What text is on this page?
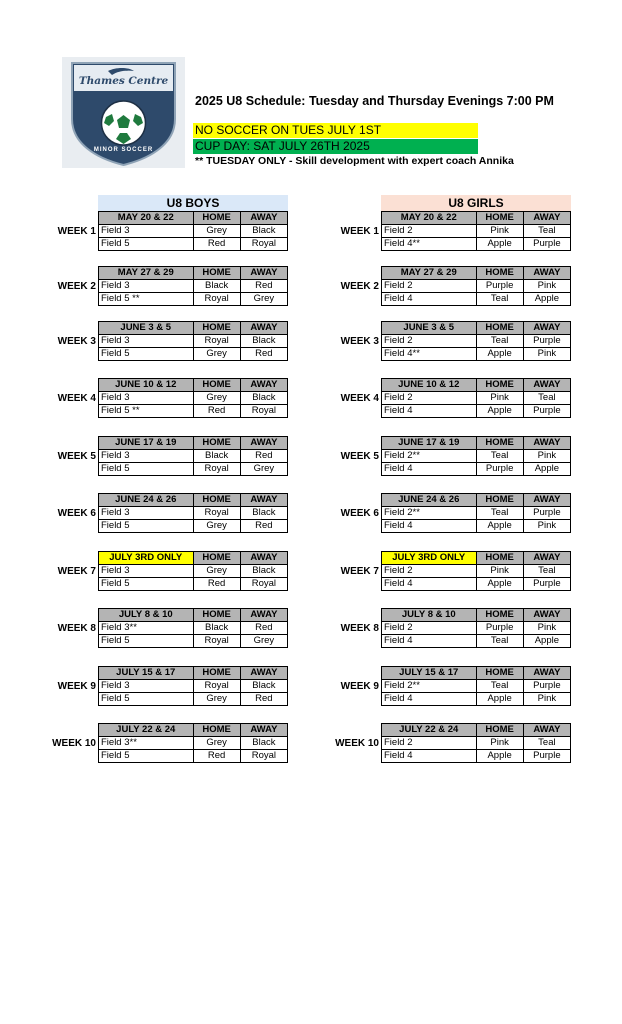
Thames Centre
MINOR SOCCER
2025 U8 Schedule: Tuesday and Thursday Evenings 7:00 PM
NO SOCCER ON TUES JULY 1ST
CUP DAY: SAT JULY 26TH 2025
** TUESDAY ONLY - Skill development with expert coach Annika
U8 BOYS	U8 GIRLS
WEEK 1
MAY 20 & 22	HOME	AWAY
Field 3	Grey	Black
Field 5	Red	Royal
WEEK 2
MAY 27 & 29	HOME	AWAY
Field 3	Black	Red
Field 5 **	Royal	Grey
WEEK 3
JUNE 3 & 5	HOME	AWAY
Field 3	Royal	Black
Field 5	Grey	Red
WEEK 4
JUNE 10 & 12	HOME	AWAY
Field 3	Grey	Black
Field 5 **	Red	Royal
WEEK 5
JUNE 17 & 19	HOME	AWAY
Field 3	Black	Red
Field 5	Royal	Grey
WEEK 6
JUNE 24 & 26	HOME	AWAY
Field 3	Royal	Black
Field 5	Grey	Red
WEEK 7
JULY 3RD ONLY	HOME	AWAY
Field 3	Grey	Black
Field 5	Red	Royal
WEEK 8
JULY 8 & 10	HOME	AWAY
Field 3**	Black	Red
Field 5	Royal	Grey
WEEK 9
JULY 15 & 17	HOME	AWAY
Field 3	Royal	Black
Field 5	Grey	Red
WEEK 10
JULY 22 & 24	HOME	AWAY
Field 3**	Grey	Black
Field 5	Red	Royal
WEEK 1
MAY 20 & 22	HOME	AWAY
Field 2	Pink	Teal
Field 4**	Apple	Purple
WEEK 2
MAY 27 & 29	HOME	AWAY
Field 2	Purple	Pink
Field 4	Teal	Apple
WEEK 3
JUNE 3 & 5	HOME	AWAY
Field 2	Teal	Purple
Field 4**	Apple	Pink
WEEK 4
JUNE 10 & 12	HOME	AWAY
Field 2	Pink	Teal
Field 4	Apple	Purple
WEEK 5
JUNE 17 & 19	HOME	AWAY
Field 2**	Teal	Pink
Field 4	Purple	Apple
WEEK 6
JUNE 24 & 26	HOME	AWAY
Field 2**	Teal	Purple
Field 4	Apple	Pink
WEEK 7
JULY 3RD ONLY	HOME	AWAY
Field 2	Pink	Teal
Field 4	Apple	Purple
WEEK 8
JULY 8 & 10	HOME	AWAY
Field 2	Purple	Pink
Field 4	Teal	Apple
WEEK 9
JULY 15 & 17	HOME	AWAY
Field 2**	Teal	Purple
Field 4	Apple	Pink
WEEK 10
JULY 22 & 24	HOME	AWAY
Field 2	Pink	Teal
Field 4	Apple	Purple
